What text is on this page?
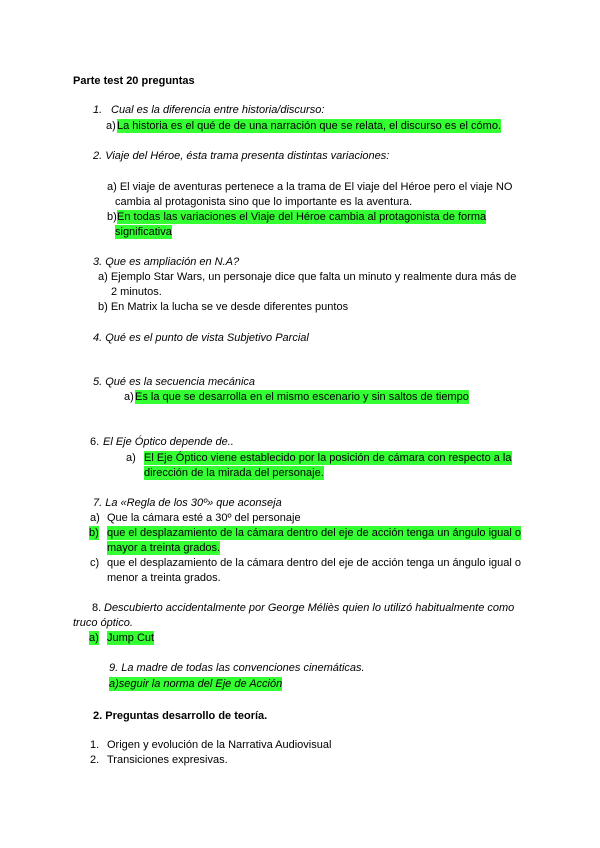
Parte test 20 preguntas
1. Cual es la diferencia entre historia/discurso:
a) La historia es el qué de de una narración que se relata, el discurso es el cómo.
2. Viaje del Héroe, ésta trama presenta distintas variaciones:
a) El viaje de aventuras pertenece a la trama de El viaje del Héroe pero el viaje NO
cambia al protagonista sino que lo importante es la aventura.
b) En todas las variaciones el Viaje del Héroe cambia al protagonista de forma
significativa
3. Que es ampliación en N.A?
a) Ejemplo Star Wars, un personaje dice que falta un minuto y realmente dura más de
2 minutos.
b) En Matrix la lucha se ve desde diferentes puntos
4. Qué es el punto de vista Subjetivo Parcial
5. Qué es la secuencia mecánica
a) Es la que se desarrolla en el mismo escenario y sin saltos de tiempo
6. El Eje Óptico depende de..
a) El Eje Óptico viene establecido por la posición de cámara con respecto a la
dirección de la mirada del personaje.
7. La «Regla de los 30º» que aconseja
a) Que la cámara esté a 30º del personaje
b) que el desplazamiento de la cámara dentro del eje de acción tenga un ángulo igual o
mayor a treinta grados.
c) que el desplazamiento de la cámara dentro del eje de acción tenga un ángulo igual o
menor a treinta grados.
8. Descubierto accidentalmente por George Méliès quien lo utilizó habitualmente como
truco óptico.
a) Jump Cut
9. La madre de todas las convenciones cinemáticas.
a)seguir la norma del Eje de Acción
2. Preguntas desarrollo de teoría.
1. Origen y evolución de la Narrativa Audiovisual
2. Transiciones expresivas.
